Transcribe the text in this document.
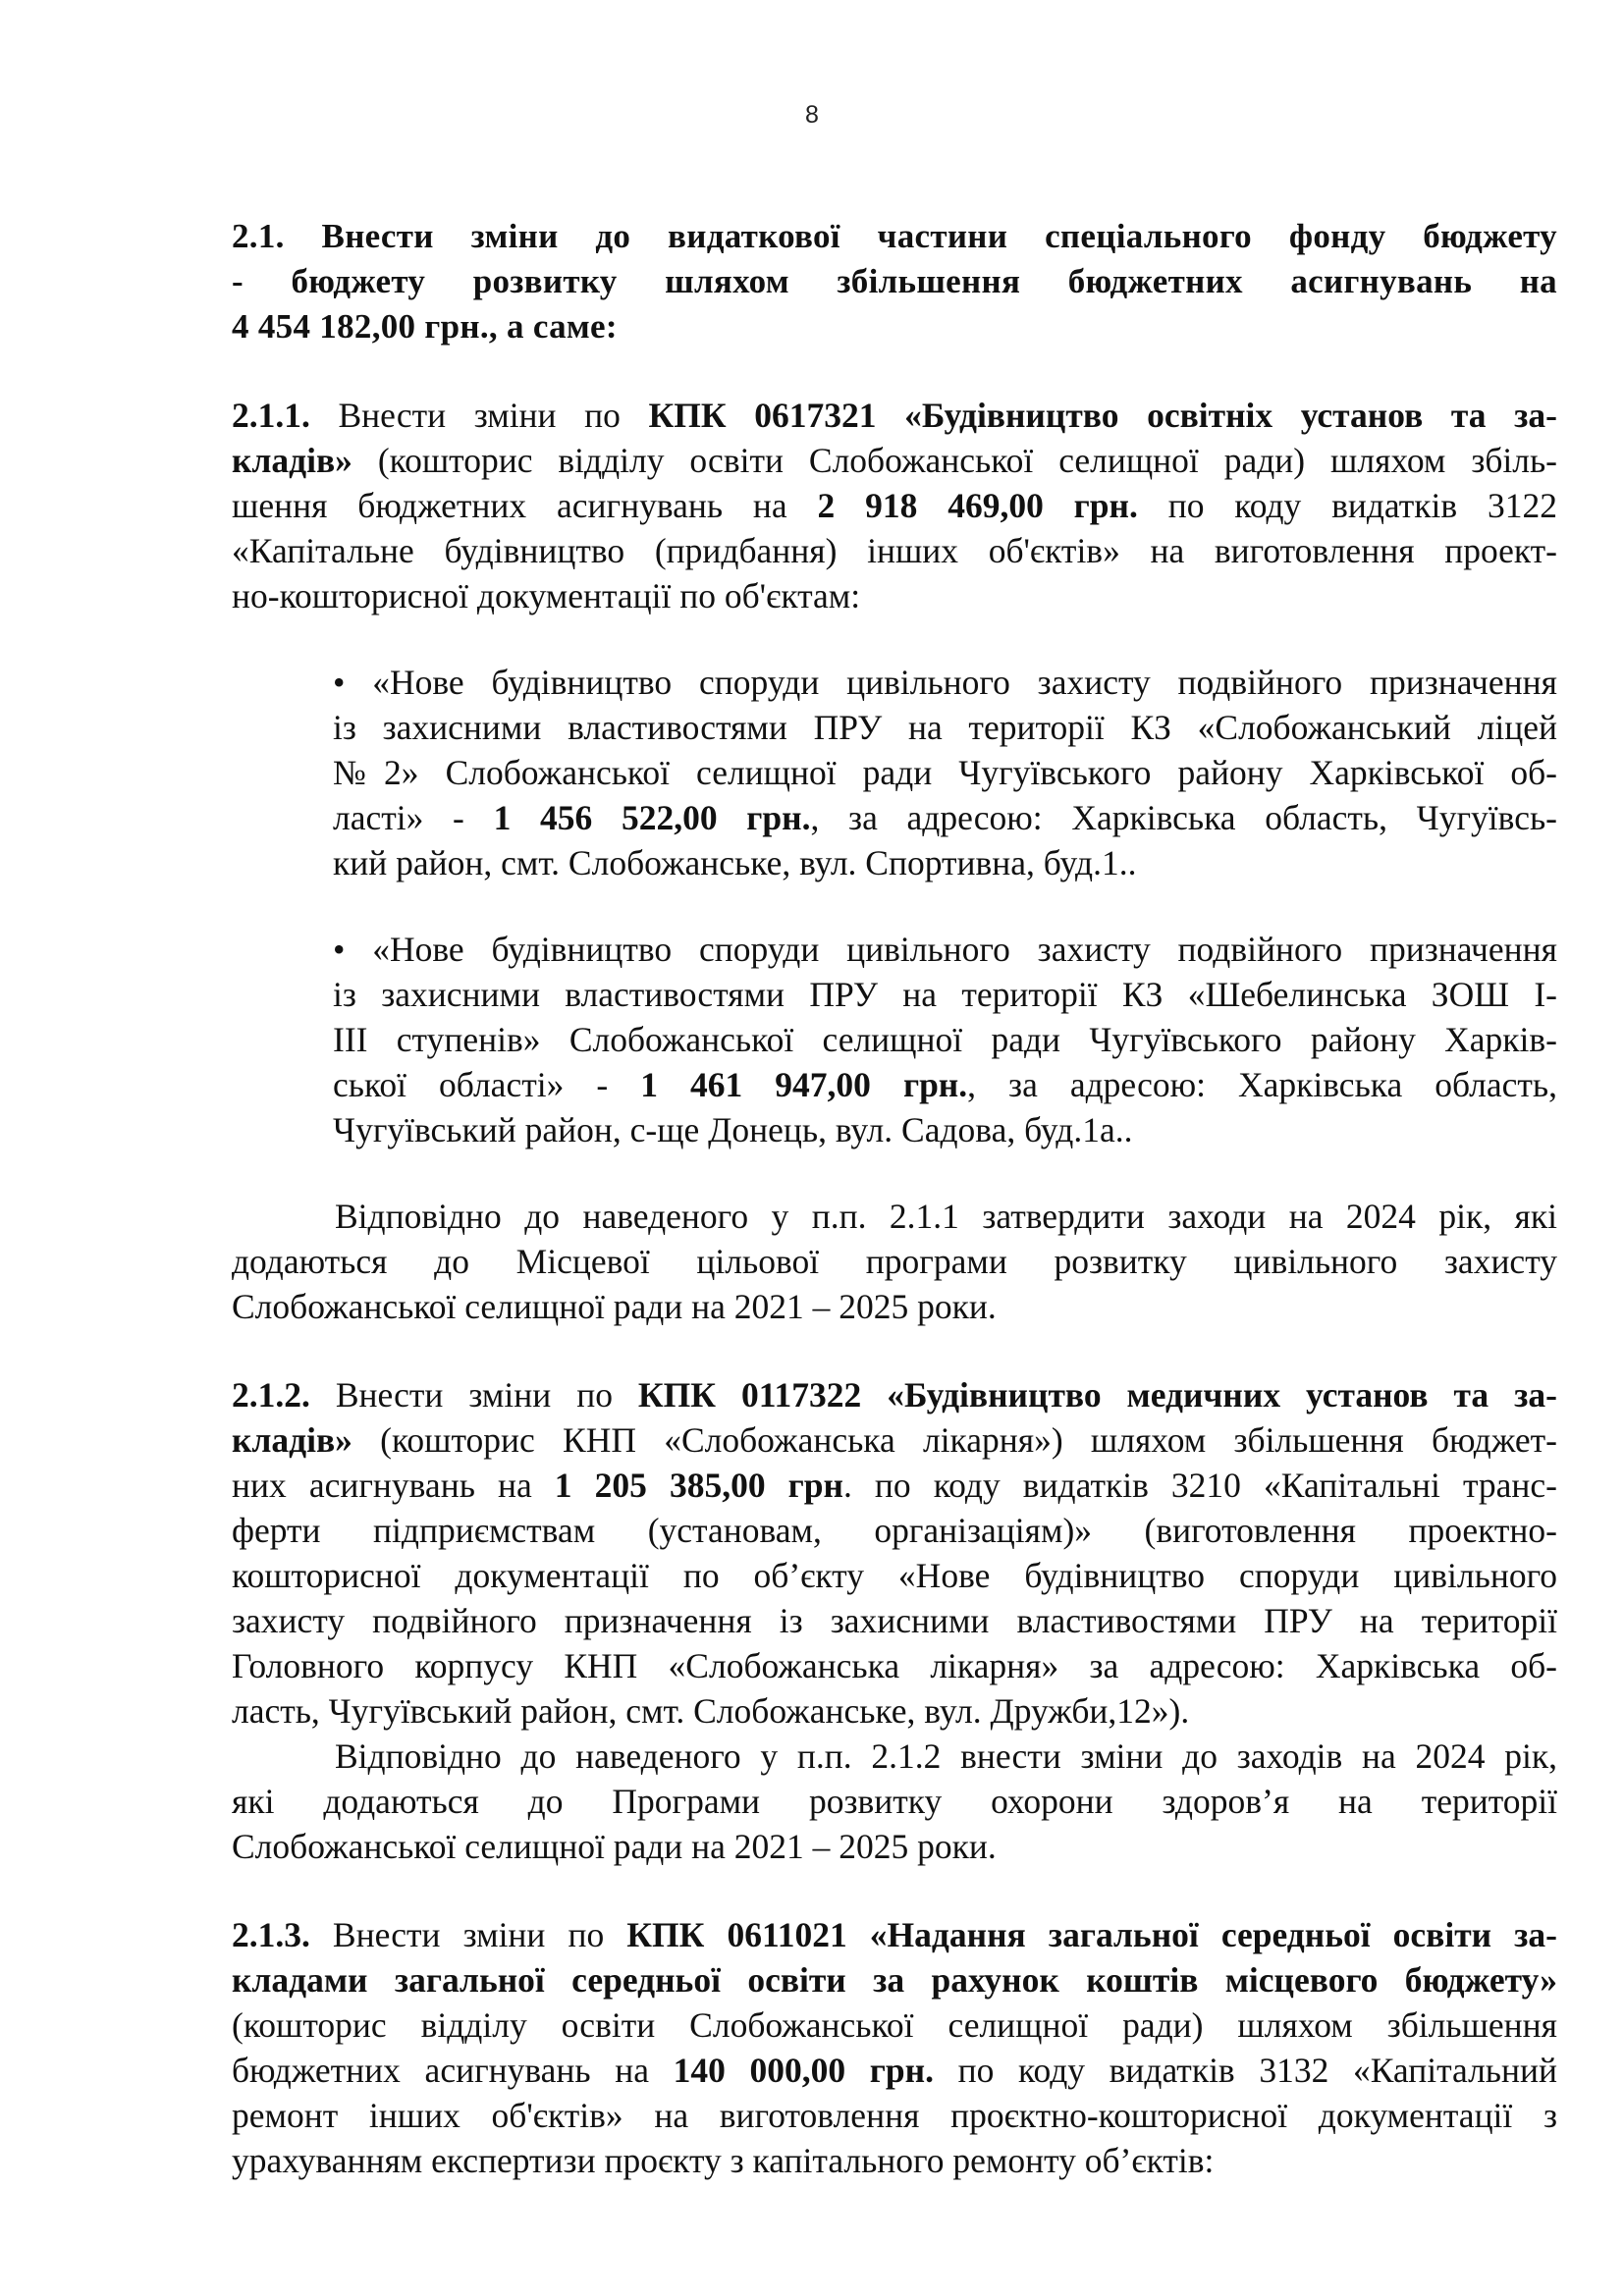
8
2.1. Внести зміни до видаткової частини спеціального фонду бюджету
- бюджету розвитку шляхом збільшення бюджетних асигнувань на
4 454 182,00 грн., а саме:
2.1.1. Внести зміни по КПК 0617321 «Будівництво освітніх установ та за-
кладів» (кошторис відділу освіти Слобожанської селищної ради) шляхом збіль-
шення бюджетних асигнувань на 2 918 469,00 грн. по коду видатків 3122
«Капітальне будівництво (придбання) інших об'єктів» на виготовлення проект-
но-кошторисної документації по об'єктам:
• «Нове будівництво споруди цивільного захисту подвійного призначення
із захисними властивостями ПРУ на території КЗ «Слобожанський ліцей
№2» Слобожанської селищної ради Чугуївського району Харківської об-
ласті» - 1 456 522,00 грн., за адресою: Харківська область, Чугуївсь-
кий район, смт. Слобожанське, вул. Спортивна, буд.1..
• «Нове будівництво споруди цивільного захисту подвійного призначення
із захисними властивостями ПРУ на території КЗ «Шебелинська ЗОШ І-
ІІІ ступенів» Слобожанської селищної ради Чугуївського району Харків-
ської області» - 1 461 947,00 грн., за адресою: Харківська область,
Чугуївський район, с-ще Донець, вул. Садова, буд.1а..
Відповідно до наведеного у п.п. 2.1.1 затвердити заходи на 2024 рік, які
додаються до Місцевої цільової програми розвитку цивільного захисту
Слобожанської селищної ради на 2021 – 2025 роки.
2.1.2. Внести зміни по КПК 0117322 «Будівництво медичних установ та за-
кладів» (кошторис КНП «Слобожанська лікарня») шляхом збільшення бюджет-
них асигнувань на 1 205 385,00 грн. по коду видатків 3210 «Капітальні транс-
ферти підприємствам (установам, організаціям)» (виготовлення проектно-
кошторисної документації по об’єкту «Нове будівництво споруди цивільного
захисту подвійного призначення із захисними властивостями ПРУ на території
Головного корпусу КНП «Слобожанська лікарня» за адресою: Харківська об-
ласть, Чугуївський район, смт. Слобожанське, вул. Дружби,12»).
Відповідно до наведеного у п.п. 2.1.2 внести зміни до заходів на 2024 рік,
які додаються до Програми розвитку охорони здоров’я на території
Слобожанської селищної ради на 2021 – 2025 роки.
2.1.3. Внести зміни по КПК 0611021 «Надання загальної середньої освіти за-
кладами загальної середньої освіти за рахунок коштів місцевого бюджету»
(кошторис відділу освіти Слобожанської селищної ради) шляхом збільшення
бюджетних асигнувань на 140 000,00 грн. по коду видатків 3132 «Капітальний
ремонт інших об'єктів» на виготовлення проєктно-кошторисної документації з
урахуванням експертизи проєкту з капітального ремонту об’єктів:
